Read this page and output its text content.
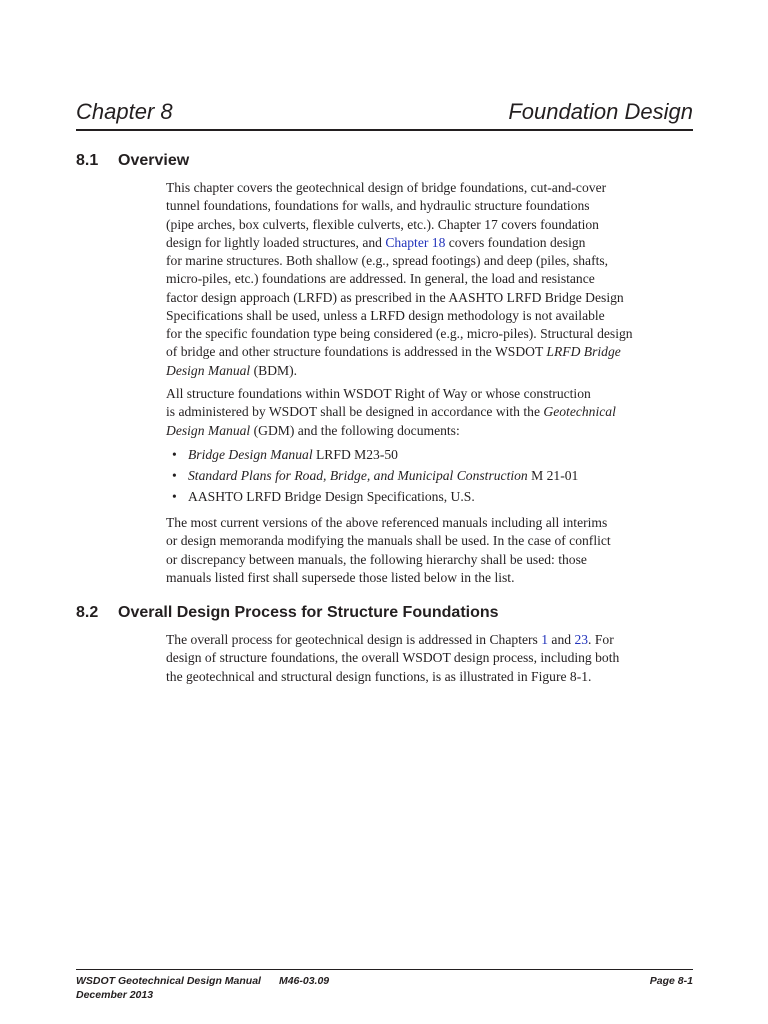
Chapter 8	Foundation Design
8.1 Overview
This chapter covers the geotechnical design of bridge foundations, cut-and-cover
tunnel foundations, foundations for walls, and hydraulic structure foundations
(pipe arches, box culverts, flexible culverts, etc.). Chapter 17 covers foundation
design for lightly loaded structures, and Chapter 18 covers foundation design
for marine structures. Both shallow (e.g., spread footings) and deep (piles, shafts,
micro-piles, etc.) foundations are addressed. In general, the load and resistance
factor design approach (LRFD) as prescribed in the AASHTO LRFD Bridge Design
Specifications shall be used, unless a LRFD design methodology is not available
for the specific foundation type being considered (e.g., micro-piles). Structural design
of bridge and other structure foundations is addressed in the WSDOT LRFD Bridge
Design Manual (BDM).
All structure foundations within WSDOT Right of Way or whose construction
is administered by WSDOT shall be designed in accordance with the Geotechnical
Design Manual (GDM) and the following documents:
• Bridge Design Manual LRFD M23-50
• Standard Plans for Road, Bridge, and Municipal Construction M 21-01
• AASHTO LRFD Bridge Design Specifications, U.S.
The most current versions of the above referenced manuals including all interims
or design memoranda modifying the manuals shall be used. In the case of conflict
or discrepancy between manuals, the following hierarchy shall be used: those
manuals listed first shall supersede those listed below in the list.
8.2 Overall Design Process for Structure Foundations
The overall process for geotechnical design is addressed in Chapters 1 and 23. For
design of structure foundations, the overall WSDOT design process, including both
the geotechnical and structural design functions, is as illustrated in Figure 8-1.
WSDOT Geotechnical Design Manual M46-03.09	Page 8-1
December 2013
